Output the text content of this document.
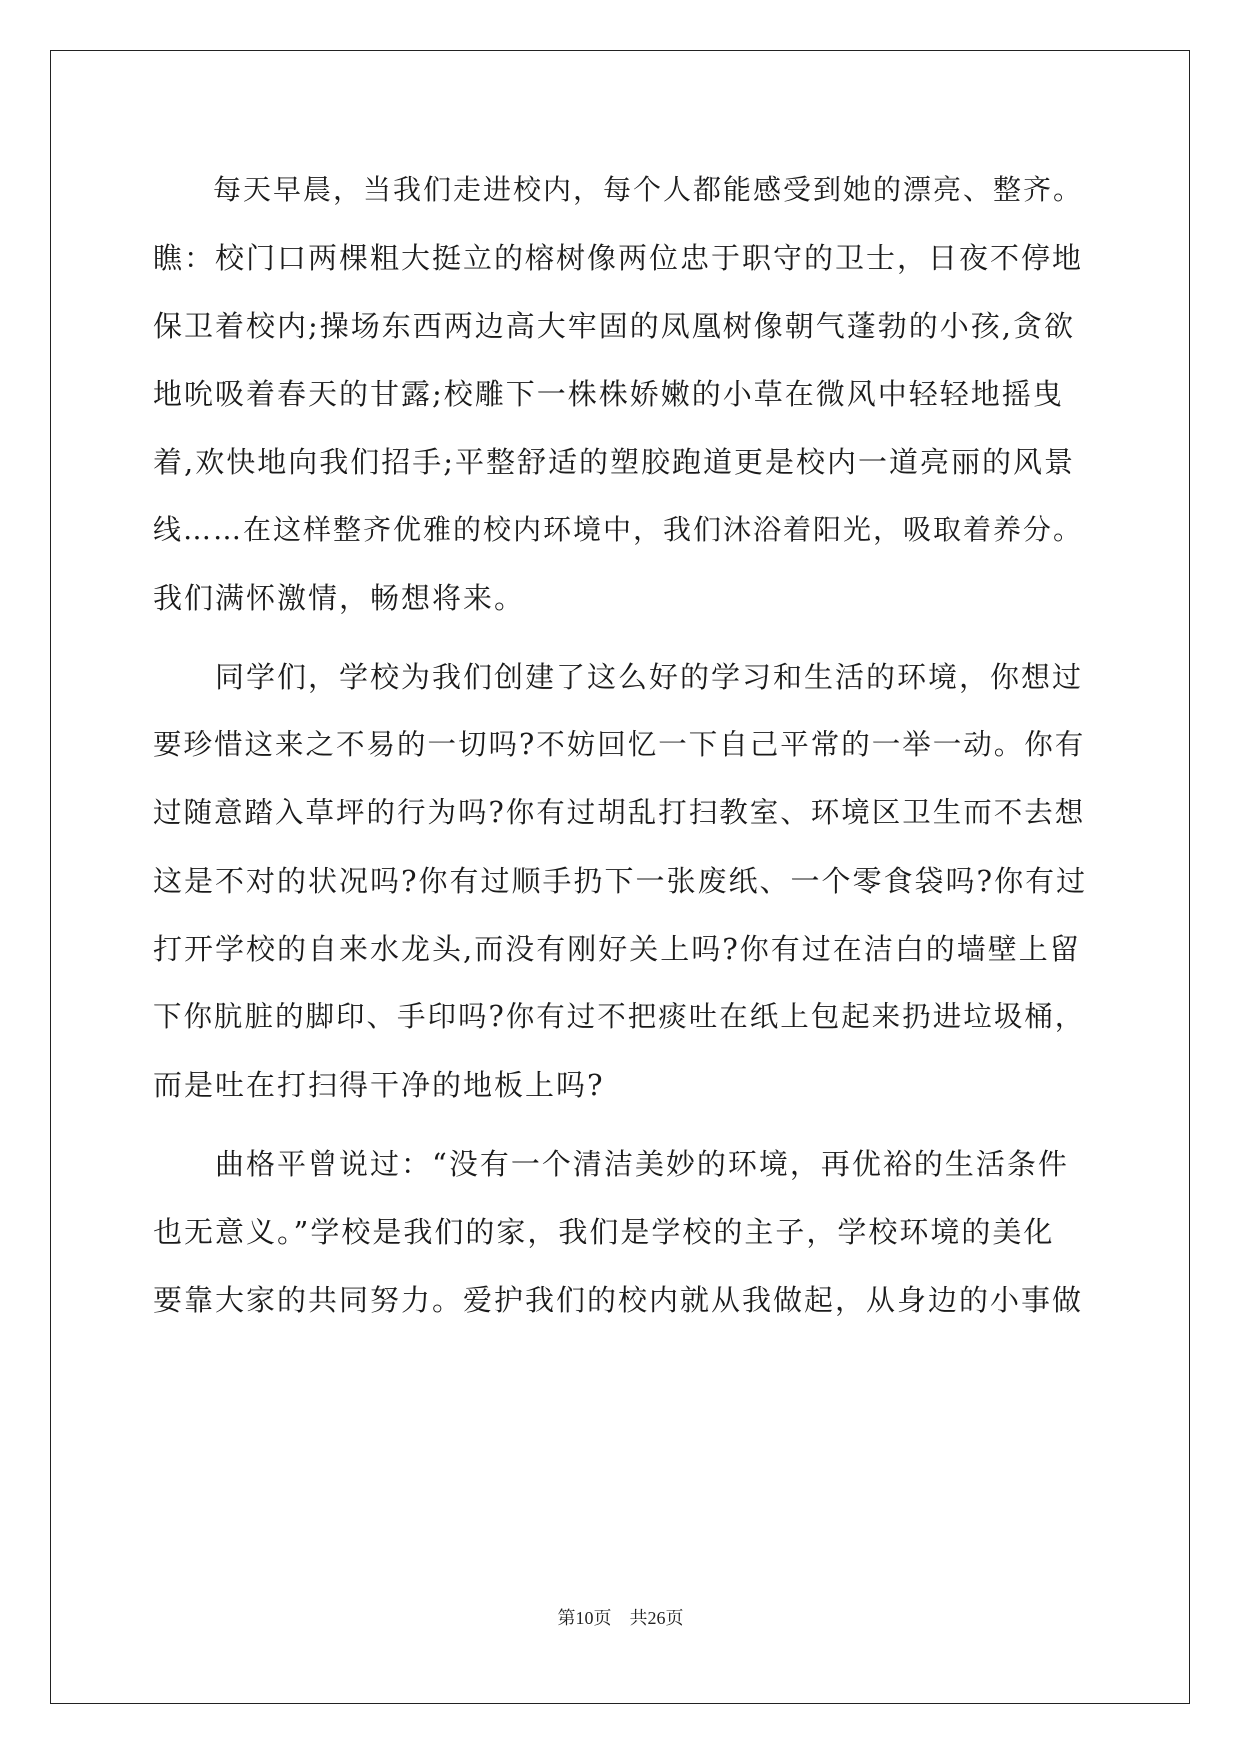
　　每天早晨，当我们走进校内，每个人都能感受到她的漂亮、整齐。
瞧：校门口两棵粗大挺立的榕树像两位忠于职守的卫士，日夜不停地
保卫着校内;操场东西两边高大牢固的凤凰树像朝气蓬勃的小孩,贪欲
地吮吸着春天的甘露;校雕下一株株娇嫩的小草在微风中轻轻地摇曳
着,欢快地向我们招手;平整舒适的塑胶跑道更是校内一道亮丽的风景
线……在这样整齐优雅的校内环境中，我们沐浴着阳光，吸取着养分。
我们满怀激情，畅想将来。
　　同学们，学校为我们创建了这么好的学习和生活的环境，你想过
要珍惜这来之不易的一切吗?不妨回忆一下自己平常的一举一动。你有
过随意踏入草坪的行为吗?你有过胡乱打扫教室、环境区卫生而不去想
这是不对的状况吗?你有过顺手扔下一张废纸、一个零食袋吗?你有过
打开学校的自来水龙头,而没有刚好关上吗?你有过在洁白的墙壁上留
下你肮脏的脚印、手印吗?你有过不把痰吐在纸上包起来扔进垃圾桶，
而是吐在打扫得干净的地板上吗?
　　曲格平曾说过：“没有一个清洁美妙的环境，再优裕的生活条件
也无意义。”学校是我们的家，我们是学校的主子，学校环境的美化
要靠大家的共同努力。爱护我们的校内就从我做起，从身边的小事做
第10页　共26页
